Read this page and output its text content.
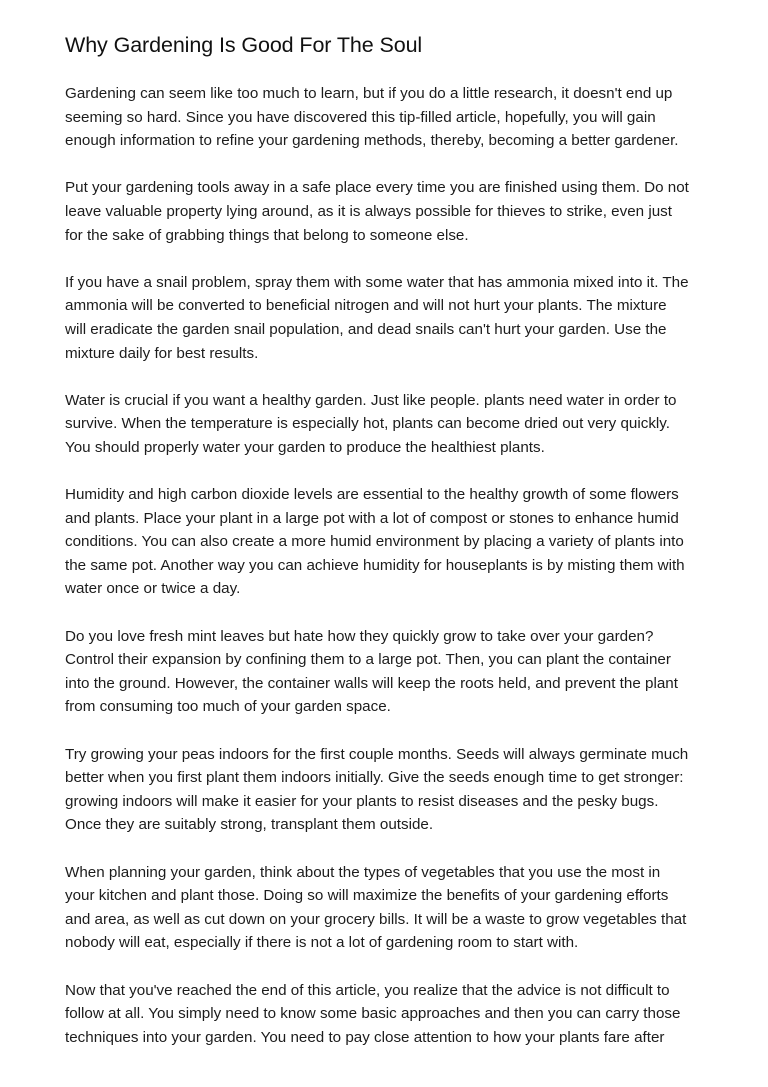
Why Gardening Is Good For The Soul

Gardening can seem like too much to learn, but if you do a little research, it doesn't end up
seeming so hard. Since you have discovered this tip-filled article, hopefully, you will gain
enough information to refine your gardening methods, thereby, becoming a better gardener.

Put your gardening tools away in a safe place every time you are finished using them. Do not
leave valuable property lying around, as it is always possible for thieves to strike, even just
for the sake of grabbing things that belong to someone else.

If you have a snail problem, spray them with some water that has ammonia mixed into it. The
ammonia will be converted to beneficial nitrogen and will not hurt your plants. The mixture
will eradicate the garden snail population, and dead snails can't hurt your garden. Use the
mixture daily for best results.

Water is crucial if you want a healthy garden. Just like people. plants need water in order to
survive. When the temperature is especially hot, plants can become dried out very quickly.
You should properly water your garden to produce the healthiest plants.

Humidity and high carbon dioxide levels are essential to the healthy growth of some flowers
and plants. Place your plant in a large pot with a lot of compost or stones to enhance humid
conditions. You can also create a more humid environment by placing a variety of plants into
the same pot. Another way you can achieve humidity for houseplants is by misting them with
water once or twice a day.

Do you love fresh mint leaves but hate how they quickly grow to take over your garden?
Control their expansion by confining them to a large pot. Then, you can plant the container
into the ground. However, the container walls will keep the roots held, and prevent the plant
from consuming too much of your garden space.

Try growing your peas indoors for the first couple months. Seeds will always germinate much
better when you first plant them indoors initially. Give the seeds enough time to get stronger:
growing indoors will make it easier for your plants to resist diseases and the pesky bugs.
Once they are suitably strong, transplant them outside.

When planning your garden, think about the types of vegetables that you use the most in
your kitchen and plant those. Doing so will maximize the benefits of your gardening efforts
and area, as well as cut down on your grocery bills. It will be a waste to grow vegetables that
nobody will eat, especially if there is not a lot of gardening room to start with.

Now that you've reached the end of this article, you realize that the advice is not difficult to
follow at all. You simply need to know some basic approaches and then you can carry those
techniques into your garden. You need to pay close attention to how your plants fare after
